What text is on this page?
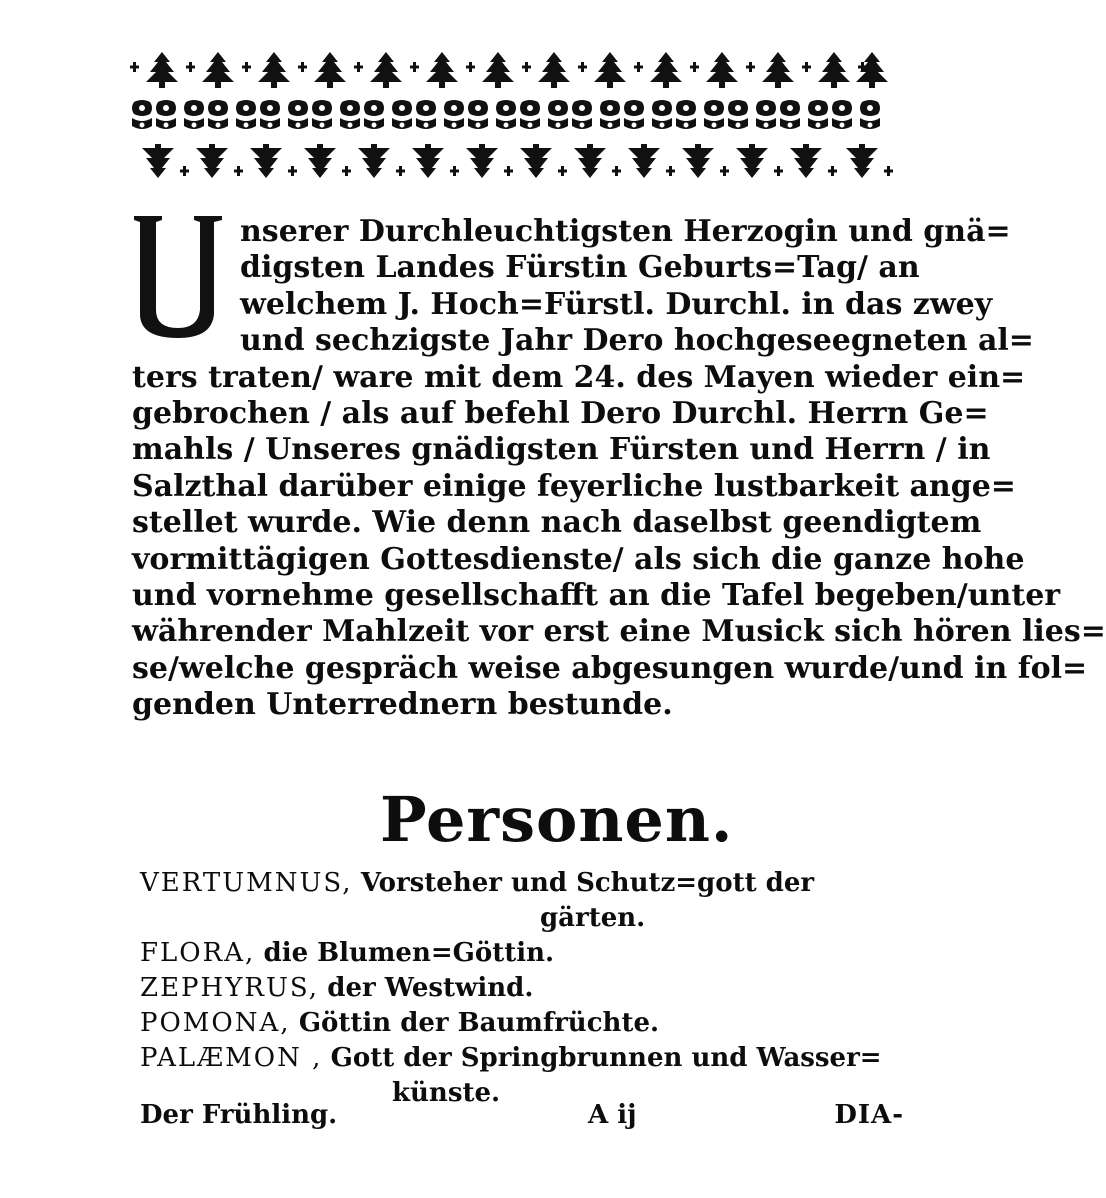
nserer Durchleuchtigsten Herzogin und gnä=
digsten Landes Fürstin Geburts=Tag/ an
welchem J. Hoch=Fürstl. Durchl. in das zwey
und sechzigste Jahr Dero hochgeseegneten al=
ters traten/ ware mit dem 24. des Mayen wieder ein=
gebrochen / als auf befehl Dero Durchl. Herrn Ge=
mahls / Unseres gnädigsten Fürsten und Herrn / in
Salzthal darüber einige feyerliche lustbarkeit ange=
stellet wurde. Wie denn nach daselbst geendigtem
vormittägigen Gottesdienste/ als sich die ganze hohe
und vornehme gesellschafft an die Tafel begeben/unter
währender Mahlzeit vor erst eine Musick sich hören lies=
se/welche gespräch weise abgesungen wurde/und in fol=
genden Unterrednern bestunde.
Personen.
VERTUMNUS, Vorsteher und Schutz=gott der
gärten.
FLORA, die Blumen=Göttin.
ZEPHYRUS, der Westwind.
POMONA, Göttin der Baumfrüchte.
PALÆMON , Gott der Springbrunnen und Wasser=
künste.
Der Frühling.	A ij	DIA-
